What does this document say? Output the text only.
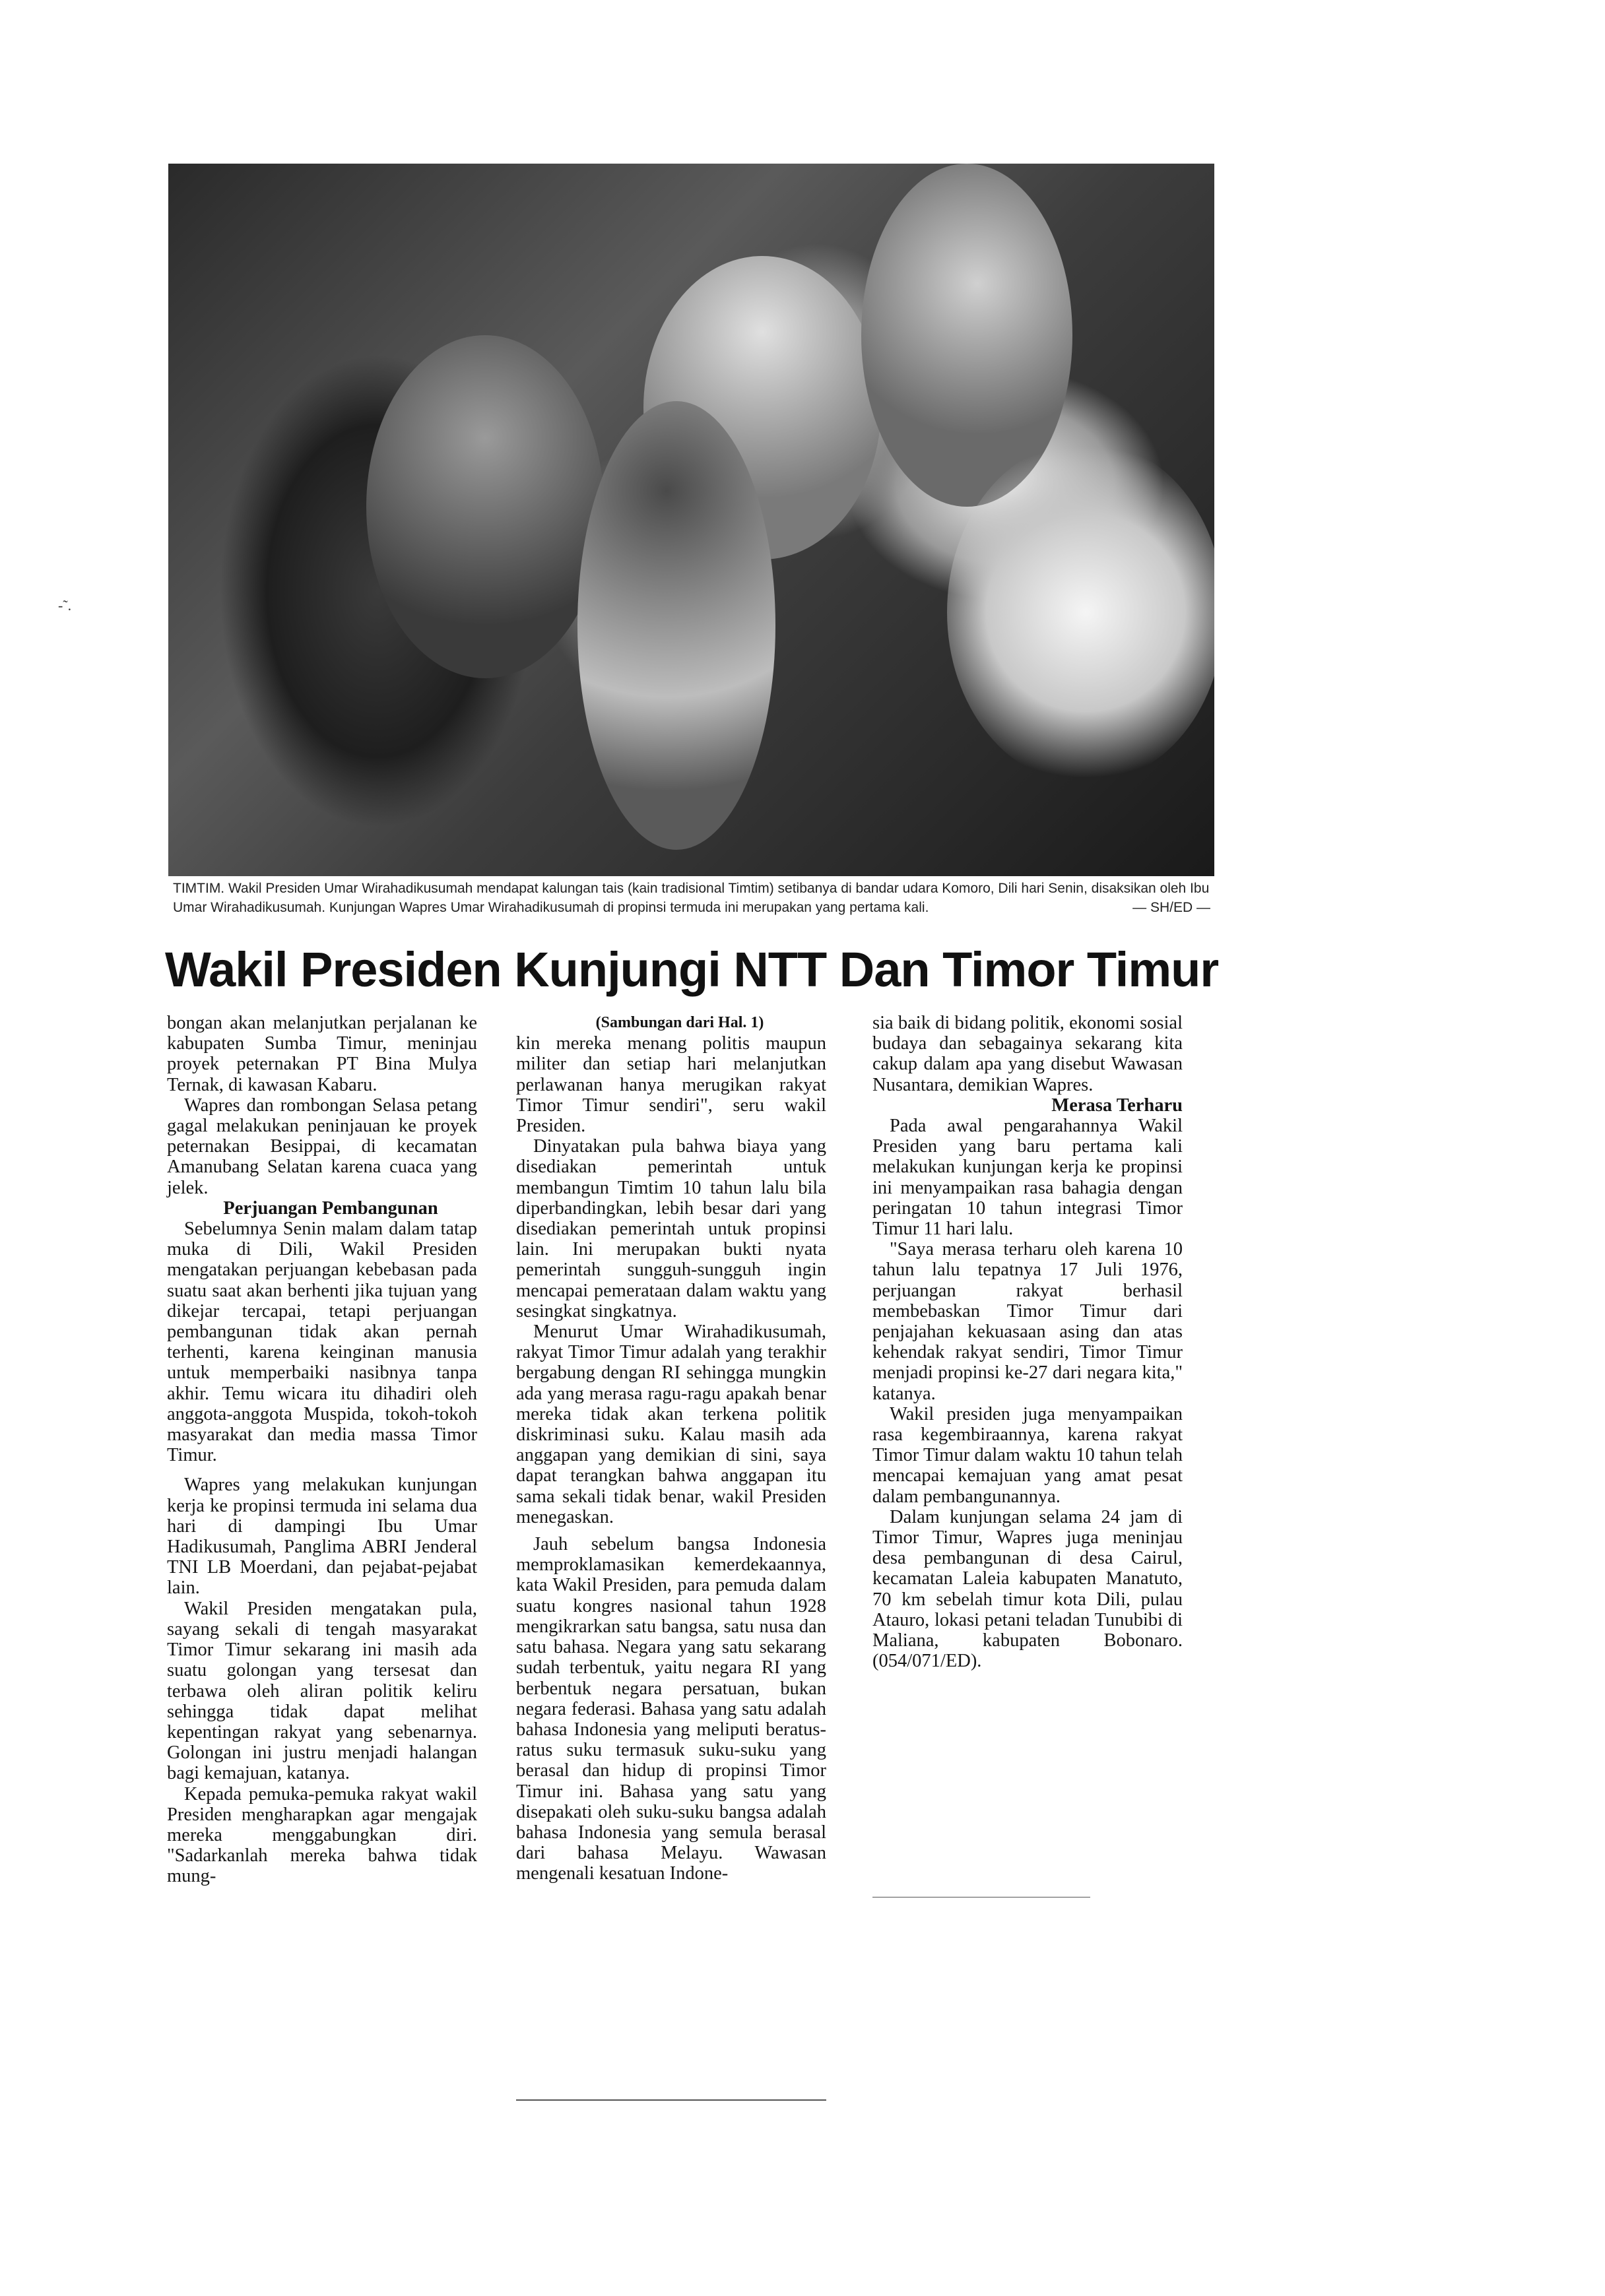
-˜.
TIMTIM. Wakil Presiden Umar Wirahadikusumah mendapat kalungan tais (kain tradisional Timtim) setibanya di bandar udara Komoro, Dili hari Senin, disaksikan oleh Ibu Umar Wirahadikusumah. Kunjungan Wapres Umar Wirahadikusumah di propinsi termuda ini merupakan yang pertama kali.	— SH/ED —
Wakil Presiden Kunjungi NTT Dan Timor Timur

bongan akan melanjutkan perjalanan ke kabupaten Sumba Timur, meninjau proyek peternakan PT Bina Mulya Ternak, di kawasan Kabaru.

Wapres dan rombongan Selasa petang gagal melakukan peninjauan ke proyek peternakan Besippai, di kecamatan Amanubang Selatan karena cuaca yang jelek.

Perjuangan Pembangunan

Sebelumnya Senin malam dalam tatap muka di Dili, Wakil Presiden mengatakan perjuangan kebebasan pada suatu saat akan berhenti jika tujuan yang dikejar tercapai, tetapi perjuangan pembangunan tidak akan pernah terhenti, karena keinginan manusia untuk memperbaiki nasibnya tanpa akhir. Temu wicara itu dihadiri oleh anggota-anggota Muspida, tokoh-tokoh masyarakat dan media massa Timor Timur.

Wapres yang melakukan kunjungan kerja ke propinsi termuda ini selama dua hari di dampingi Ibu Umar Hadikusumah, Panglima ABRI Jenderal TNI LB Moerdani, dan pejabat-pejabat lain.

Wakil Presiden mengatakan pula, sayang sekali di tengah masyarakat Timor Timur sekarang ini masih ada suatu golongan yang tersesat dan terbawa oleh aliran politik keliru sehingga tidak dapat melihat kepentingan rakyat yang sebenarnya. Golongan ini justru menjadi halangan bagi kemajuan, katanya.

Kepada pemuka-pemuka rakyat wakil Presiden mengharapkan agar mengajak mereka menggabungkan diri. "Sadarkanlah mereka bahwa tidak mung-

(Sambungan dari Hal. 1)

kin mereka menang politis maupun militer dan setiap hari melanjutkan perlawanan hanya merugikan rakyat Timor Timur sendiri", seru wakil Presiden.

Dinyatakan pula bahwa biaya yang disediakan pemerintah untuk membangun Timtim 10 tahun lalu bila diperbandingkan, lebih besar dari yang disediakan pemerintah untuk propinsi lain. Ini merupakan bukti nyata pemerintah sungguh-sungguh ingin mencapai pemerataan dalam waktu yang sesingkat singkatnya.

Menurut Umar Wirahadikusumah, rakyat Timor Timur adalah yang terakhir bergabung dengan RI sehingga mungkin ada yang merasa ragu-ragu apakah benar mereka tidak akan terkena politik diskriminasi suku. Kalau masih ada anggapan yang demikian di sini, saya dapat terangkan bahwa anggapan itu sama sekali tidak benar, wakil Presiden menegaskan.

Jauh sebelum bangsa Indonesia memproklamasikan kemerdekaannya, kata Wakil Presiden, para pemuda dalam suatu kongres nasional tahun 1928 mengikrarkan satu bangsa, satu nusa dan satu bahasa. Negara yang satu sekarang sudah terbentuk, yaitu negara RI yang berbentuk negara persatuan, bukan negara federasi. Bahasa yang satu adalah bahasa Indonesia yang meliputi beratus-ratus suku termasuk suku-suku yang berasal dan hidup di propinsi Timor Timur ini. Bahasa yang satu yang disepakati oleh suku-suku bangsa adalah bahasa Indonesia yang semula berasal dari bahasa Melayu. Wawasan mengenali kesatuan Indone-

sia baik di bidang politik, ekonomi sosial budaya dan sebagainya sekarang kita cakup dalam apa yang disebut Wawasan Nusantara, demikian Wapres.

Merasa Terharu

Pada awal pengarahannya Wakil Presiden yang baru pertama kali melakukan kunjungan kerja ke propinsi ini menyampaikan rasa bahagia dengan peringatan 10 tahun integrasi Timor Timur 11 hari lalu.

"Saya merasa terharu oleh karena 10 tahun lalu tepatnya 17 Juli 1976, perjuangan rakyat berhasil membebaskan Timor Timur dari penjajahan kekuasaan asing dan atas kehendak rakyat sendiri, Timor Timur menjadi propinsi ke-27 dari negara kita," katanya.

Wakil presiden juga menyampaikan rasa kegembiraannya, karena rakyat Timor Timur dalam waktu 10 tahun telah mencapai kemajuan yang amat pesat dalam pembangunannya.

Dalam kunjungan selama 24 jam di Timor Timur, Wapres juga meninjau desa pembangunan di desa Cairul, kecamatan Laleia kabupaten Manatuto, 70 km sebelah timur kota Dili, pulau Atauro, lokasi petani teladan Tunubibi di Maliana, kabupaten Bobonaro. (054/071/ED).
